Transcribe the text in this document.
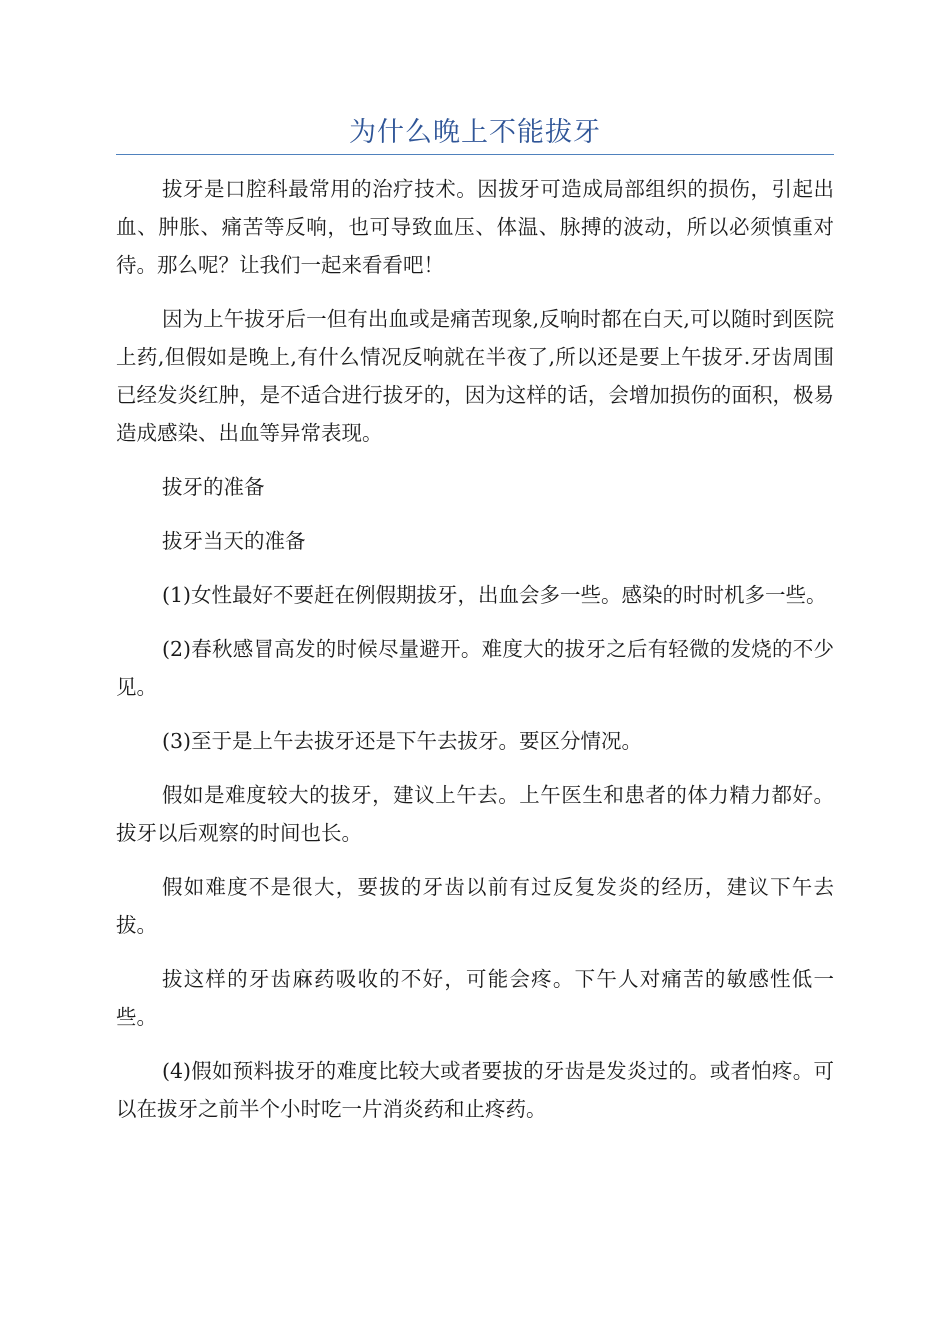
为什么晚上不能拔牙

拔牙是口腔科最常用的治疗技术。因拔牙可造成局部组织的损伤，引起出血、肿胀、痛苦等反响，也可导致血压、体温、脉搏的波动，所以必须慎重对待。那么呢？让我们一起来看看吧！

因为上午拔牙后一但有出血或是痛苦现象,反响时都在白天,可以随时到医院上药,但假如是晚上,有什么情况反响就在半夜了,所以还是要上午拔牙.牙齿周围已经发炎红肿，是不适合进行拔牙的，因为这样的话，会增加损伤的面积，极易造成感染、出血等异常表现。

拔牙的准备

拔牙当天的准备

(1)女性最好不要赶在例假期拔牙，出血会多一些。感染的时时机多一些。

(2)春秋感冒高发的时候尽量避开。难度大的拔牙之后有轻微的发烧的不少见。

(3)至于是上午去拔牙还是下午去拔牙。要区分情况。

假如是难度较大的拔牙，建议上午去。上午医生和患者的体力精力都好。拔牙以后观察的时间也长。

假如难度不是很大，要拔的牙齿以前有过反复发炎的经历，建议下午去拔。

拔这样的牙齿麻药吸收的不好，可能会疼。下午人对痛苦的敏感性低一些。

(4)假如预料拔牙的难度比较大或者要拔的牙齿是发炎过的。或者怕疼。可以在拔牙之前半个小时吃一片消炎药和止疼药。
